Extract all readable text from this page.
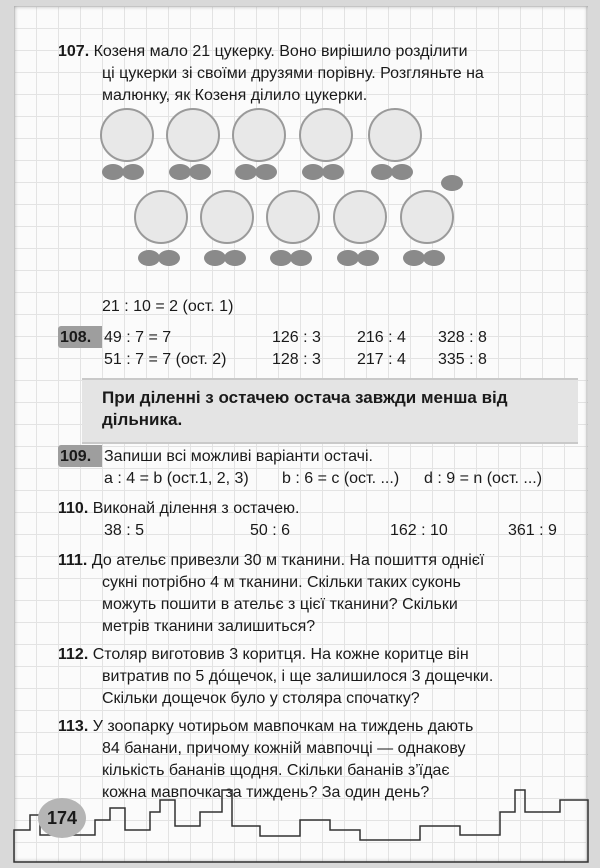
107. Козеня мало 21 цукерку. Воно вирішило розділити
ці цукерки зі своїми друзями порівну. Розгляньте на
малюнку, як Козеня ділило цукерки.
21 : 10 = 2 (ост. 1)
108. 49 : 7 = 7	126 : 3 216 : 4 328 : 8
51 : 7 = 7 (ост. 2)	128 : 3 217 : 4 335 : 8
При діленні з остачею остача завжди менша від дільника.
109. Запиши всі можливі варіанти остачі.
a : 4 = b (ост.1, 2, 3) b : 6 = c (ост. ...) d : 9 = n (ост. ...)
110. Виконай ділення з остачею.
38 : 5	50 : 6	162 : 10	361 : 9
111. До ательє привезли 30 м тканини. На пошиття однієї
сукні потрібно 4 м тканини. Скільки таких суконь
можуть пошити в ательє з цієї тканини? Скільки
метрів тканини залишиться?
112. Столяр виготовив 3 коритця. На кожне коритце він
витратив по 5 до́щечок, і ще залишилося 3 дощечки.
Скільки дощечок було у столяра спочатку?
113. У зоопарку чотирьом мавпочкам на тиждень дають
84 банани, причому кожній мавпочці — однакову
кількість бананів щодня. Скільки бананів з’їдає
кожна мавпочка за тиждень? За один день?
174
